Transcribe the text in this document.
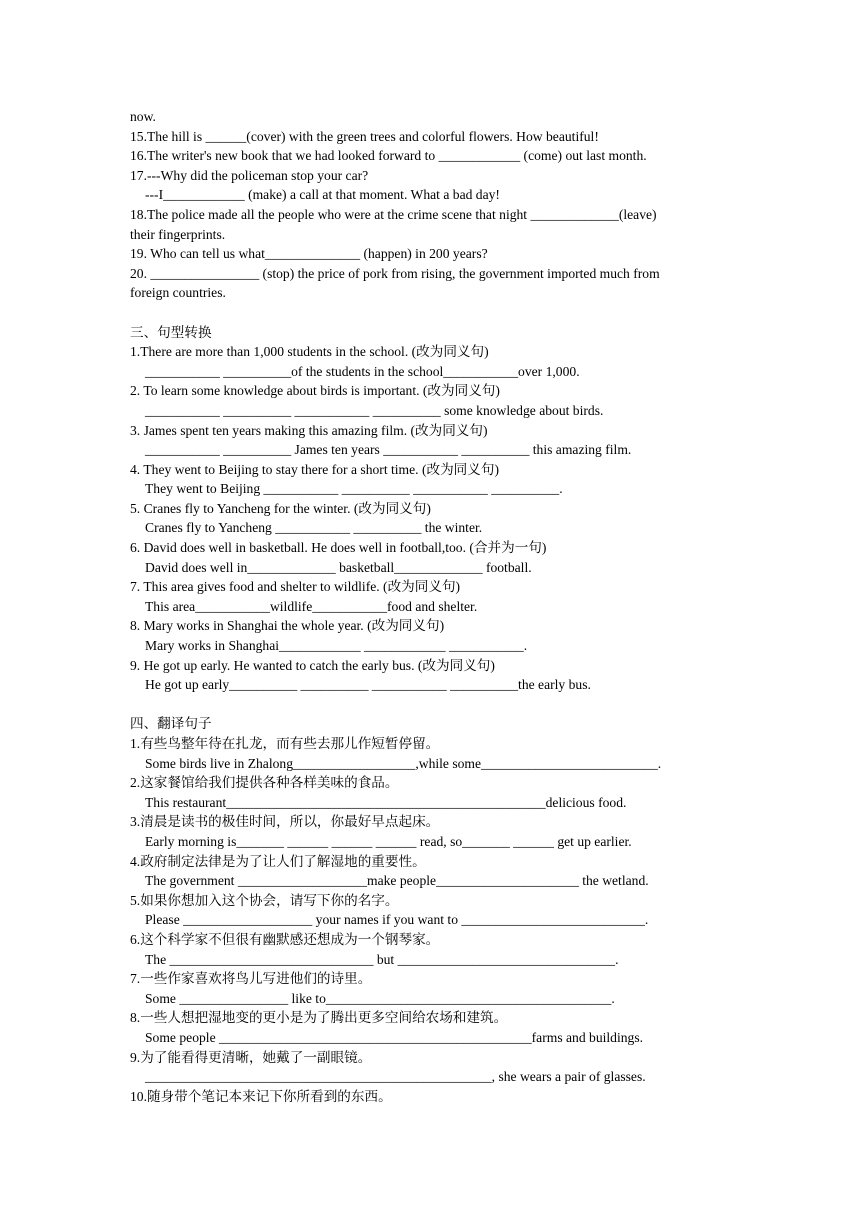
now.
15.The hill is ______(cover) with the green trees and colorful flowers. How beautiful!
16.The writer's new book that we had looked forward to ____________ (come) out last month.
17.---Why did the policeman stop your car?
---I____________ (make) a call at that moment. What a bad day!
18.The police made all the people who were at the crime scene that night _____________(leave)
their fingerprints.
19. Who can tell us what______________ (happen) in 200 years?
20. ________________ (stop) the price of pork from rising, the government imported much from
foreign countries.
三、句型转换
1.There are more than 1,000 students in the school. (改为同义句)
___________ __________of the students in the school___________over 1,000.
2. To learn some knowledge about birds is important. (改为同义句)
___________ __________ ___________ __________ some knowledge about birds.
3. James spent ten years making this amazing film. (改为同义句)
___________ __________ James ten years ___________ __________ this amazing film.
4. They went to Beijing to stay there for a short time. (改为同义句)
They went to Beijing ___________ __________ ___________ __________.
5. Cranes fly to Yancheng for the winter. (改为同义句)
Cranes fly to Yancheng ___________ __________ the winter.
6. David does well in basketball. He does well in football,too. (合并为一句)
David does well in_____________ basketball_____________ football.
7. This area gives food and shelter to wildlife. (改为同义句)
This area___________wildlife___________food and shelter.
8. Mary works in Shanghai the whole year. (改为同义句)
Mary works in Shanghai____________ ____________ ___________.
9. He got up early. He wanted to catch the early bus. (改为同义句)
He got up early__________ __________ ___________ __________the early bus.
四、翻译句子
1.有些鸟整年待在扎龙，而有些去那儿作短暂停留。
Some birds live in Zhalong__________________,while some__________________________.
2.这家餐馆给我们提供各种各样美味的食品。
This restaurant_______________________________________________delicious food.
3.清晨是读书的极佳时间，所以，你最好早点起床。
Early morning is_______ ______ ______ ______ read, so_______ ______ get up earlier.
4.政府制定法律是为了让人们了解湿地的重要性。
The government ___________________make people_____________________ the wetland.
5.如果你想加入这个协会，请写下你的名字。
Please ___________________ your names if you want to ___________________________.
6.这个科学家不但很有幽默感还想成为一个钢琴家。
The ______________________________ but ________________________________.
7.一些作家喜欢将鸟儿写进他们的诗里。
Some ________________ like to__________________________________________.
8.一些人想把湿地变的更小是为了腾出更多空间给农场和建筑。
Some people ______________________________________________farms and buildings.
9.为了能看得更清晰，她戴了一副眼镜。
___________________________________________________, she wears a pair of glasses.
10.随身带个笔记本来记下你所看到的东西。
